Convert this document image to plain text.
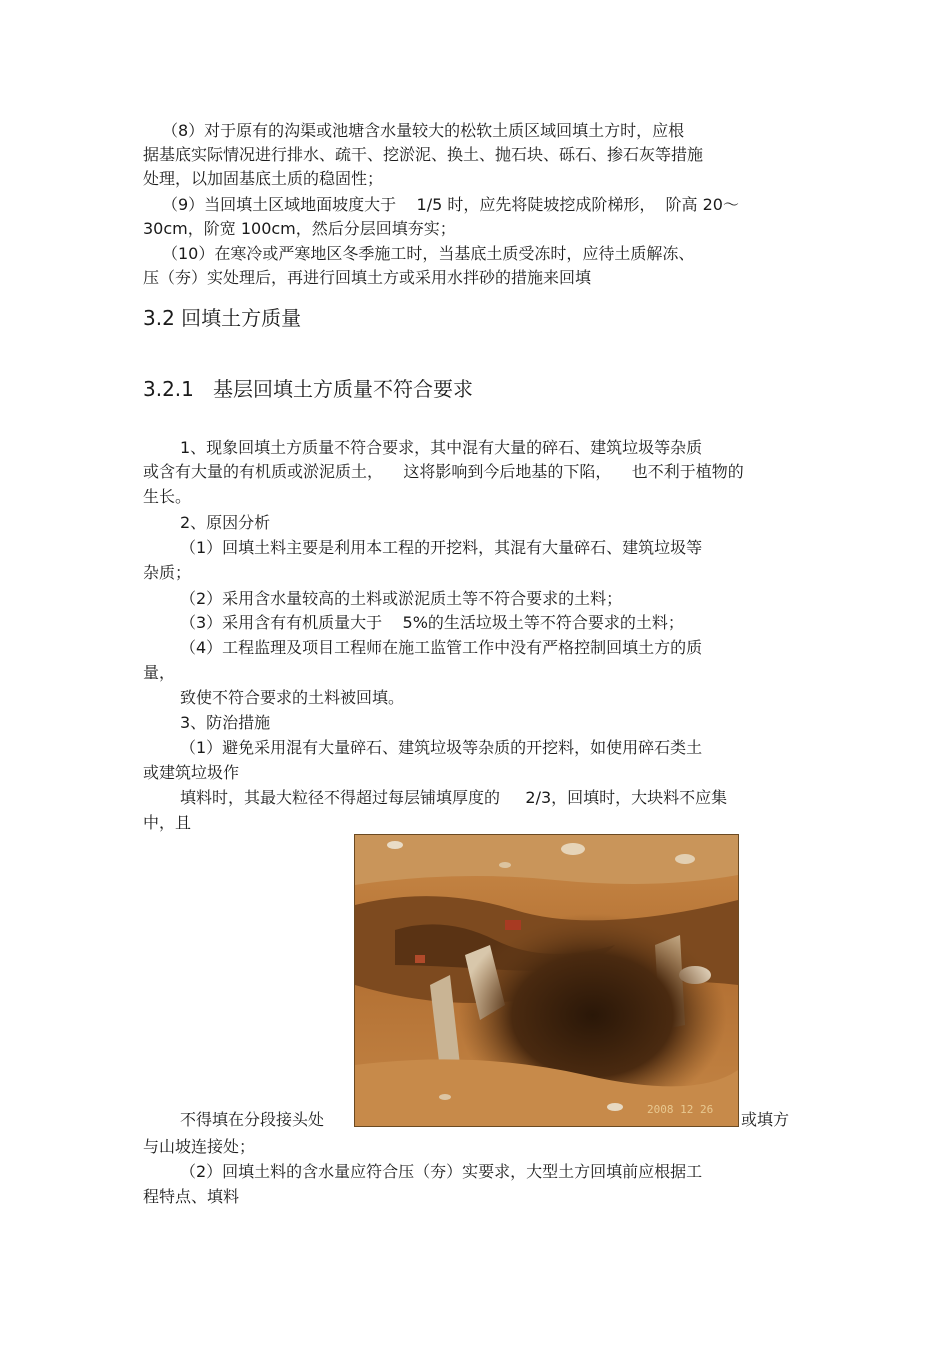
（8）对于原有的沟渠或池塘含水量较大的松软土质区域回填土方时，应根
据基底实际情况进行排水、疏干、挖淤泥、换土、抛石块、砾石、掺石灰等措施
处理，以加固基底土质的稳固性；
（9）当回填土区域地面坡度大于    1/5 时，应先将陡坡挖成阶梯形，  阶高 20～
30cm，阶宽 100cm，然后分层回填夯实；
（10）在寒冷或严寒地区冬季施工时，当基底土质受冻时，应待土质解冻、
压（夯）实处理后，再进行回填土方或采用水拌砂的措施来回填
3.2 回填土方质量
3.2.1   基层回填土方质量不符合要求
1、现象回填土方质量不符合要求，其中混有大量的碎石、建筑垃圾等杂质
或含有大量的有机质或淤泥质土，    这将影响到今后地基的下陷，    也不利于植物的
生长。
2、原因分析
（1）回填土料主要是利用本工程的开挖料，其混有大量碎石、建筑垃圾等
杂质；
（2）采用含水量较高的土料或淤泥质土等不符合要求的土料；
（3）采用含有有机质量大于    5%的生活垃圾土等不符合要求的土料；
（4）工程监理及项目工程师在施工监管工作中没有严格控制回填土方的质
量，
致使不符合要求的土料被回填。
3、防治措施
（1）避免采用混有大量碎石、建筑垃圾等杂质的开挖料，如使用碎石类土
或建筑垃圾作
填料时，其最大粒径不得超过每层铺填厚度的     2/3，回填时，大块料不应集
中，且
2008 12 26
不得填在分段接头处	或填方
与山坡连接处；
（2）回填土料的含水量应符合压（夯）实要求，大型土方回填前应根据工
程特点、填料
